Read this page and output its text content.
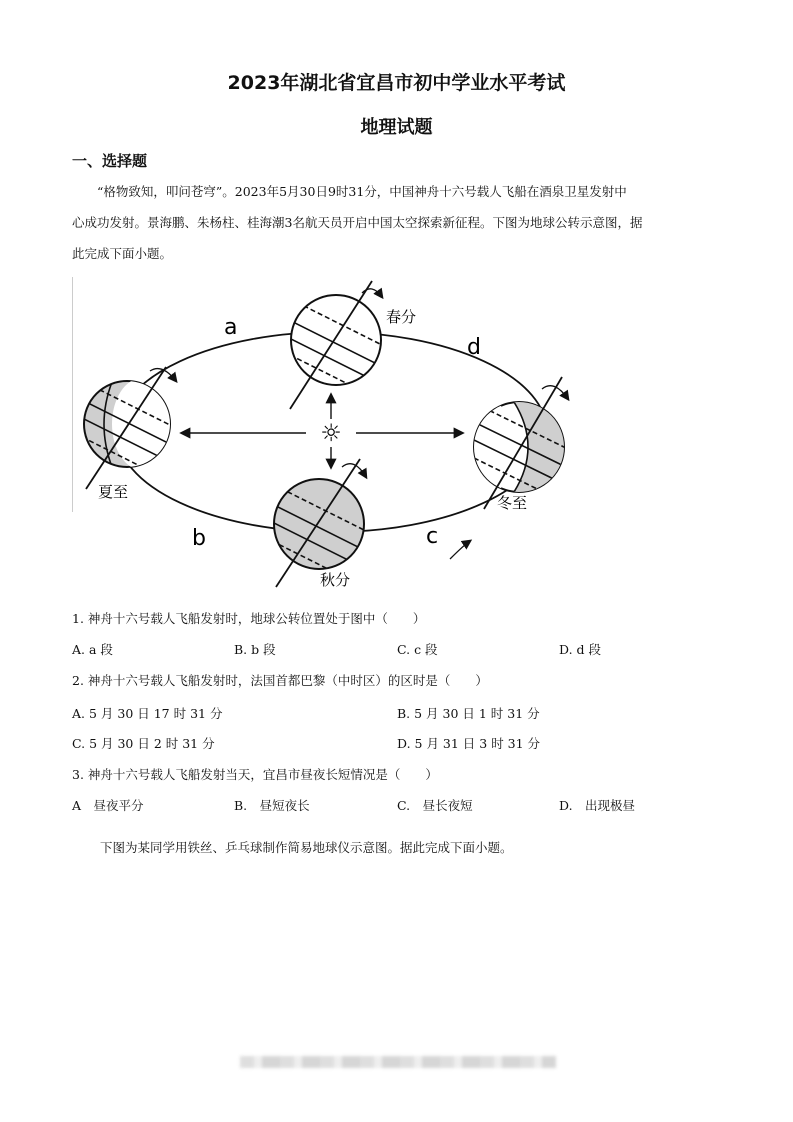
2023年湖北省宜昌市初中学业水平考试
地理试题
一、选择题
“格物致知，叩问苍穹”。2023年5月30日9时31分，中国神舟十六号载人飞船在酒泉卫星发射中
心成功发射。景海鹏、朱杨柱、桂海潮3名航天员开启中国太空探索新征程。下图为地球公转示意图，据
此完成下面小题。
☼
a
d
b	c
春分
夏至
冬至
秋分
1. 神舟十六号载人飞船发射时，地球公转位置处于图中（　　）
A. a 段	B. b 段	C. c 段	D. d 段
2. 神舟十六号载人飞船发射时，法国首都巴黎（中时区）的区时是（　　）
A. 5 月 30 日 17 时 31 分	B. 5 月 30 日 1 时 31 分
C. 5 月 30 日 2 时 31 分	D. 5 月 31 日 3 时 31 分
3. 神舟十六号载人飞船发射当天，宜昌市昼夜长短情况是（　　）
A　昼夜平分	B.　昼短夜长	C.　昼长夜短	D.　出现极昼
下图为某同学用铁丝、乒乓球制作简易地球仪示意图。据此完成下面小题。
